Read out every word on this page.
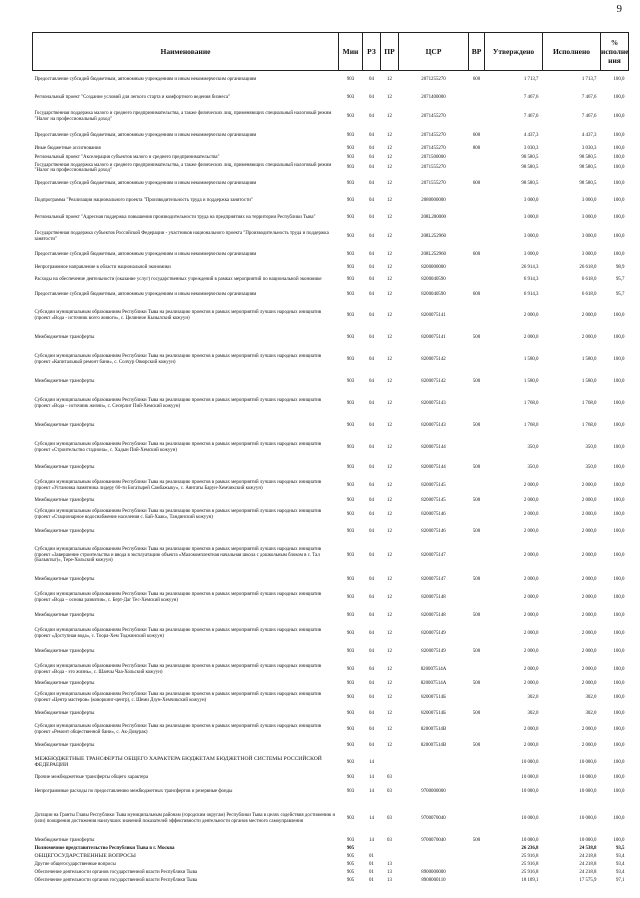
9
Наименование	Мин	РЗ	ПР	ЦСР	ВР	Утверждено	Исполнено	% исполне ния
Предоставление субсидий бюджетным, автономным учреждениям и иным некоммерческим организациям	903	04	12	2071255270	600	1 713,7	1 713,7	100,0
Региональный проект "Создание условий для легкого старта и комфортного ведения бизнеса"	903	04	12	2071400000		7 467,6	7 467,6	100,0
Государственная поддержка малого и среднего предпринимательства, а также физических лиц, применяющих специальный налоговый режим "Налог на профессиональный доход"	903	04	12	2071455270		7 467,6	7 467,6	100,0
Предоставление субсидий бюджетным, автономным учреждениям и иным некоммерческим организациям	903	04	12	2071455270	600	4 437,3	4 437,3	100,0
Иные бюджетные ассигнования	903	04	12	2071455270	800	3 030,3	3 030,3	100,0
Региональный проект "Акселерация субъектов малого и среднего предпринимательства"	903	04	12	2071500000		98 580,5	98 580,5	100,0
Государственная поддержка малого и среднего предпринимательства, а также физических лиц, применяющих специальный налоговый режим "Налог на профессиональный доход"	903	04	12	2071555270		98 580,5	98 580,5	100,0
Предоставление субсидий бюджетным, автономным учреждениям и иным некоммерческим организациям	903	04	12	2071555270	600	98 580,5	98 580,5	100,0
Подпрограмма "Реализация национального проекта "Производительность труда и поддержка занятости"	903	04	12	2080000000		3 000,0	3 000,0	100,0
Региональный проект "Адресная поддержка повышения производительности труда на предприятиях на территории Республики Тыва"	903	04	12	208L200000		3 000,0	3 000,0	100,0
Государственная поддержка субъектов Российской Федерации - участников национального проекта "Производительность труда и поддержка занятости"	903	04	12	208L252960		3 000,0	3 000,0	100,0
Предоставление субсидий бюджетным, автономным учреждениям и иным некоммерческим организациям	903	04	12	208L252960	600	3 000,0	3 000,0	100,0
Непрограммное направление в области национальной экономики	903	04	12	8200000000		26 914,3	26 618,0	98,9
Расходы на обеспечение деятельности (оказание услуг) государственных учреждений в рамках мероприятий по национальной экономике	903	04	12	8200040590		6 914,3	6 618,0	95,7
Предоставление субсидий бюджетным, автономным учреждениям и иным некоммерческим организациям	903	04	12	8200040590	600	6 914,3	6 618,0	95,7
Субсидии муниципальным образованиям Республики Тыва на реализацию проектов в рамках мероприятий лучших народных инициатив (проект «Вода - источник всего живого», с. Целинное Кызылский кожуун)	903	04	12	8200075141		2 000,0	2 000,0	100,0
Межбюджетные трансферты	903	04	12	8200075141	500	2 000,0	2 000,0	100,0
Субсидии муниципальным образованиям Республики Тыва на реализацию проектов в рамках мероприятий лучших народных инициатив (проект «Капитальный ремонт бани», с. Солчур Овюрский кожуун)	903	04	12	8200075142		1 580,0	1 580,0	100,0
Межбюджетные трансферты	903	04	12	8200075142	500	1 580,0	1 580,0	100,0
Субсидии муниципальным образованиям Республики Тыва на реализацию проектов в рамках мероприятий лучших народных инициатив (проект «Вода – источник жизни», с. Сесерлиг Пий-Хемский кожуун)	903	04	12	8200075143		1 768,0	1 768,0	100,0
Межбюджетные трансферты	903	04	12	8200075143	500	1 768,0	1 768,0	100,0
Субсидии муниципальным образованиям Республики Тыва на реализацию проектов в рамках мероприятий лучших народных инициатив (проект «Строительство стадиона», с. Хадын Пий-Хемский кожуун)	903	04	12	8200075144		350,0	350,0	100,0
Межбюджетные трансферты	903	04	12	8200075144	500	350,0	350,0	100,0
Субсидии муниципальным образованиям Республики Тыва на реализацию проектов в рамках мероприятий лучших народных инициатив (проект «Установка памятника лидеру 60-ти Богатырей Самбажыку», с. Аянгаты Барун-Хемчикский кожуун)	903	04	12	8200075145		2 000,0	2 000,0	100,0
Межбюджетные трансферты	903	04	12	8200075145	500	2 000,0	2 000,0	100,0
Субсидии муниципальным образованиям Республики Тыва на реализацию проектов в рамках мероприятий лучших народных инициатив (проект «Стационарное водоснабжение населения с. Бай-Хаак», Тандинский кожуун)	903	04	12	8200075146		2 000,0	2 000,0	100,0
Межбюджетные трансферты	903	04	12	8200075146	500	2 000,0	2 000,0	100,0
Субсидии муниципальным образованиям Республики Тыва на реализацию проектов в рамках мероприятий лучших народных инициатив (проект «Завершение строительства и ввода в эксплуатацию объекта «Малокомплектная начальная школа с дошкольным блоком в с. Тал (Балыктыг)», Тере-Хольский кожуун)	903	04	12	8200075147		2 000,0	2 000,0	100,0
Межбюджетные трансферты	903	04	12	8200075147	500	2 000,0	2 000,0	100,0
Субсидии муниципальным образованиям Республики Тыва на реализацию проектов в рамках мероприятий лучших народных инициатив (проект «Вода – основа развития», с. Берт-Даг Тес-Хемский кожуун)	903	04	12	8200075148		2 000,0	2 000,0	100,0
Межбюджетные трансферты	903	04	12	8200075148	500	2 000,0	2 000,0	100,0
Субсидии муниципальным образованиям Республики Тыва на реализацию проектов в рамках мероприятий лучших народных инициатив (проект «Доступная вода», с. Тоора-Хем Тоджинский кожуун)	903	04	12	8200075149		2 000,0	2 000,0	100,0
Межбюджетные трансферты	903	04	12	8200075149	500	2 000,0	2 000,0	100,0
Субсидии муниципальным образованиям Республики Тыва на реализацию проектов в рамках мероприятий лучших народных инициатив (проект «Вода - это жизнь», с. Шанчы Чаа-Хольский кожуун)	903	04	12	820007514А		2 000,0	2 000,0	100,0
Межбюджетные трансферты	903	04	12	820007514А	500	2 000,0	2 000,0	100,0
Субсидии муниципальным образованиям Республики Тыва на реализацию проектов в рамках мероприятий лучших народных инициатив (проект «Центр мастеров» (коворкинг-центр), с. Шеми Дзун-Хемчикский кожуун)	903	04	12	820007514Б		302,0	302,0	100,0
Межбюджетные трансферты	903	04	12	820007514Б	500	302,0	302,0	100,0
Субсидии муниципальным образованиям Республики Тыва на реализацию проектов в рамках мероприятий лучших народных инициатив (проект «Ремонт общественной бани», с. Ак-Довурак)	903	04	12	820007514В		2 000,0	2 000,0	100,0
Межбюджетные трансферты	903	04	12	820007514В	500	2 000,0	2 000,0	100,0
МЕЖБЮДЖЕТНЫЕ ТРАНСФЕРТЫ ОБЩЕГО ХАРАКТЕРА БЮДЖЕТАМ БЮДЖЕТНОЙ СИСТЕМЫ РОССИЙСКОЙ ФЕДЕРАЦИИ	903	14				10 000,0	10 000,0	100,0
Прочие межбюджетные трансферты общего характера	903	14	03			10 000,0	10 000,0	100,0
Непрограммные расходы по предоставлению межбюджетных трансфертов и резервные фонды	903	14	03	9700000000		10 000,0	10 000,0	100,0
Дотации на Гранты Главы Республики Тыва муниципальным районам (городским округам) Республики Тыва в целях содействия достижению и (или) поощрения достижения наилучших значений показателей эффективности деятельности органов местного самоуправления	903	14	03	9700070040		10 000,0	10 000,0	100,0
Межбюджетные трансферты	903	14	03	9700070040	500	10 000,0	10 000,0	100,0
Полномочное представительство Республики Тыва в г. Москва	905					26 236,8	24 538,8	93,5
ОБЩЕГОСУДАРСТВЕННЫЕ ВОПРОСЫ	905	01				25 916,8	24 218,8	93,4
Другие общегосударственные вопросы	905	01	13			25 916,8	24 218,8	93,4
Обеспечение деятельности органов государственной власти Республики Тыва	905	01	13	8900000000		25 916,8	24 218,8	93,4
Обеспечение деятельности органов государственной власти Республики Тыва	905	01	13	8900000110		18 109,1	17 575,9	97,1
